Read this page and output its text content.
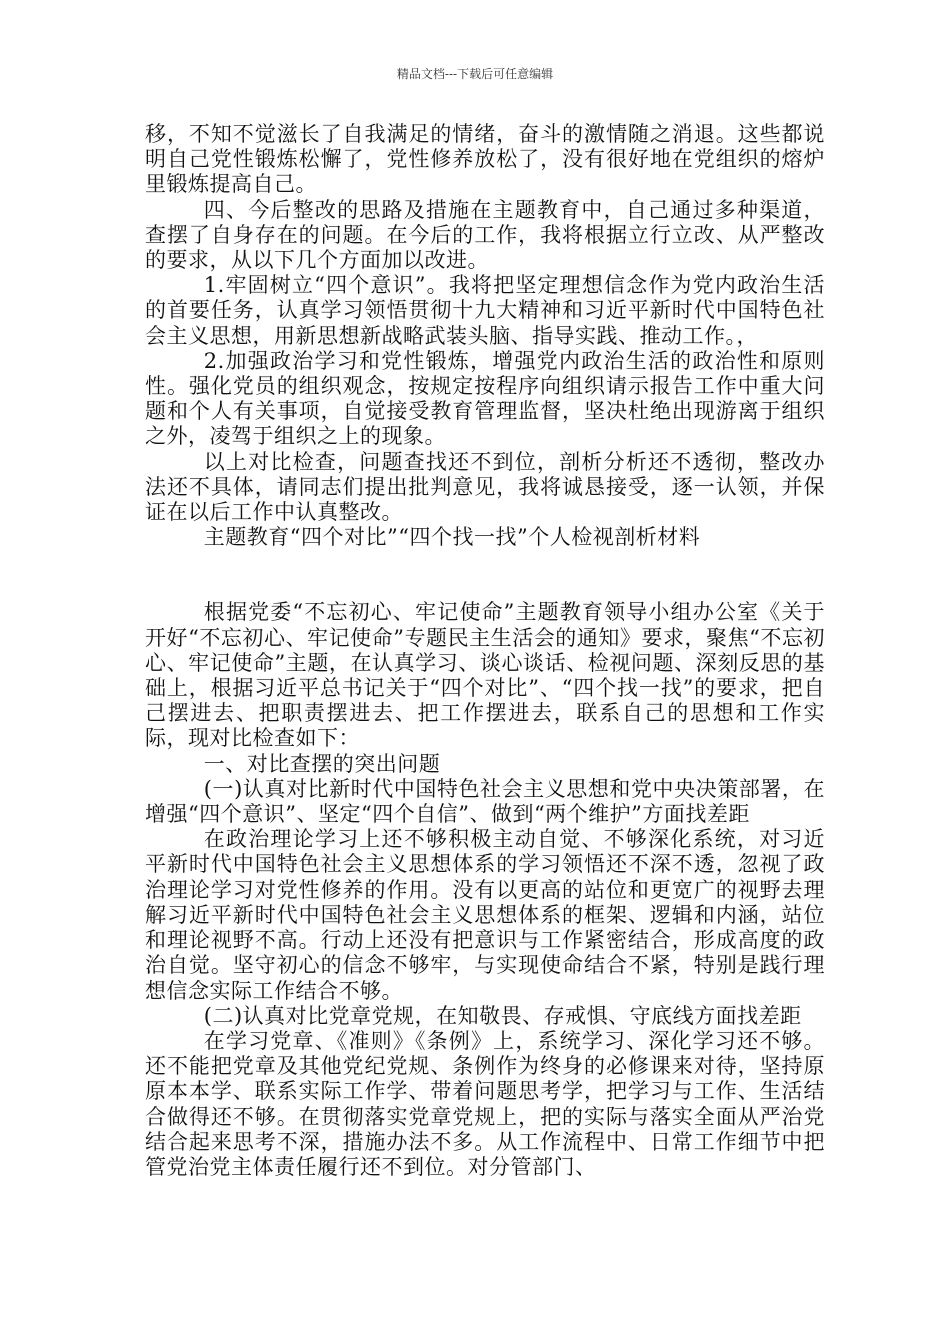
精品文档---下载后可任意编辑

移，不知不觉滋长了自我满足的情绪，奋斗的激情随之消退。这些都说明自己党性锻炼松懈了，党性修养放松了，没有很好地在党组织的熔炉里锻炼提高自己。

四、今后整改的思路及措施在主题教育中，自己通过多种渠道，查摆了自身存在的问题。在今后的工作，我将根据立行立改、从严整改的要求，从以下几个方面加以改进。

1.牢固树立“四个意识”。我将把坚定理想信念作为党内政治生活的首要任务，认真学习领悟贯彻十九大精神和习近平新时代中国特色社会主义思想，用新思想新战略武装头脑、指导实践、推动工作。，

2.加强政治学习和党性锻炼，增强党内政治生活的政治性和原则性。强化党员的组织观念，按规定按程序向组织请示报告工作中重大问题和个人有关事项，自觉接受教育管理监督，坚决杜绝出现游离于组织之外，凌驾于组织之上的现象。

以上对比检查，问题查找还不到位，剖析分析还不透彻，整改办法还不具体，请同志们提出批判意见，我将诚恳接受，逐一认领，并保证在以后工作中认真整改。

主题教育“四个对比”“四个找一找”个人检视剖析材料

根据党委“不忘初心、牢记使命”主题教育领导小组办公室《关于开好“不忘初心、牢记使命”专题民主生活会的通知》要求，聚焦“不忘初心、牢记使命”主题，在认真学习、谈心谈话、检视问题、深刻反思的基础上，根据习近平总书记关于“四个对比”、“四个找一找”的要求，把自己摆进去、把职责摆进去、把工作摆进去，联系自己的思想和工作实际，现对比检查如下：

一、对比查摆的突出问题

(一)认真对比新时代中国特色社会主义思想和党中央决策部署，在增强“四个意识”、坚定“四个自信”、做到“两个维护”方面找差距

在政治理论学习上还不够积极主动自觉、不够深化系统，对习近平新时代中国特色社会主义思想体系的学习领悟还不深不透，忽视了政治理论学习对党性修养的作用。没有以更高的站位和更宽广的视野去理解习近平新时代中国特色社会主义思想体系的框架、逻辑和内涵，站位和理论视野不高。行动上还没有把意识与工作紧密结合，形成高度的政治自觉。坚守初心的信念不够牢，与实现使命结合不紧，特别是践行理想信念实际工作结合不够。

(二)认真对比党章党规，在知敬畏、存戒惧、守底线方面找差距

在学习党章、《准则》《条例》上，系统学习、深化学习还不够。还不能把党章及其他党纪党规、条例作为终身的必修课来对待，坚持原原本本学、联系实际工作学、带着问题思考学，把学习与工作、生活结合做得还不够。在贯彻落实党章党规上，把的实际与落实全面从严治党结合起来思考不深，措施办法不多。从工作流程中、日常工作细节中把管党治党主体责任履行还不到位。对分管部门、
